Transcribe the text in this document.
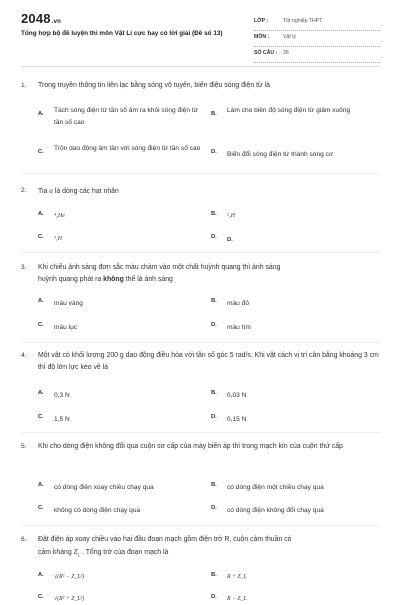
2048.vn
Tổng hợp bộ đề luyện thi môn Vật Lí cực hay có lời giải (Đề số 13)
LỚP :	Tốt nghiệp THPT
MÔN :	Vật lý
SỐ CÂU : 36
1. Trong truyền thông tin liên lạc bằng sóng vô tuyến, biến điệu sóng điện từ là
A. Tách sóng điện từ tần số âm ra khỏi sóng điện từ tần số cao
B. Làm cho biên độ sóng điện từ giảm xuống
C. Trộn dao động âm tần với sóng điện từ tần số cao	D. Biến đổi sóng điện từ thành sóng cơ
2. Tia α là dòng các hạt nhân
A. ⁴₂He	B. ²₁H
C. ³₁H	D. D.
3. Khi chiếu ánh sáng đơn sắc màu chàm vào một chất huỳnh quang thì ánh sáng
huỳnh quang phát ra không thể là ánh sáng
A. màu vàng	B. màu đỏ
C. màu lục	D. màu tím
4. Một vật có khối lượng 200 g dao động điều hòa với tần số góc 5 rad/s. Khi vật cách vị trí cân bằng khoảng 3 cm thì độ lớn lực kéo về là
A. 0,3 N	B. 0,03 N
C. 1,5 N	D. 0,15 N
5. Khi cho dòng điện không đổi qua cuộn sơ cấp của máy biến áp thì trong mạch kín của cuộn thứ cấp
A. có dòng điện xoay chiều chạy qua	B. có dòng điện một chiều chạy qua
C. không có dòng điện chạy qua	D. có dòng điện không đổi chạy qua
6. Đặt điện áp xoay chiều vào hai đầu đoạn mạch gồm điện trở R, cuộn cảm thuần có
cảm kháng $Z_L$ . Tổng trở của đoạn mạch là
A. √(R² − Z_L²)	B. R + Z_L
C. √(R² + Z_L²)	D. R − Z_L
